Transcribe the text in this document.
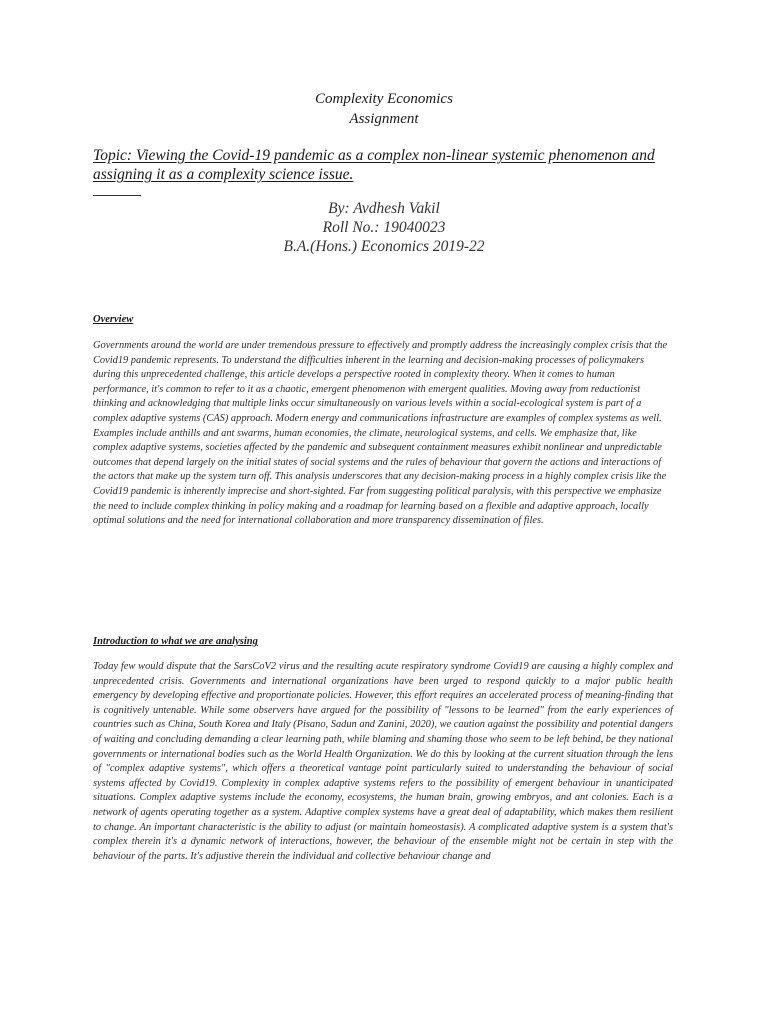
Complexity Economics
Assignment
Topic: Viewing the Covid-19 pandemic as a complex non-linear systemic phenomenon and assigning it as a complexity science issue.
By: Avdhesh Vakil
Roll No.: 19040023
B.A.(Hons.) Economics 2019-22
Overview

Governments around the world are under tremendous pressure to effectively and promptly address the increasingly complex crisis that the Covid19 pandemic represents. To understand the difficulties inherent in the learning and decision-making processes of policymakers during this unprecedented challenge, this article develops a perspective rooted in complexity theory. When it comes to human performance, it's common to refer to it as a chaotic, emergent phenomenon with emergent qualities. Moving away from reductionist thinking and acknowledging that multiple links occur simultaneously on various levels within a social-ecological system is part of a complex adaptive systems (CAS) approach. Modern energy and communications infrastructure are examples of complex systems as well. Examples include anthills and ant swarms, human economies, the climate, neurological systems, and cells. We emphasize that, like complex adaptive systems, societies affected by the pandemic and subsequent containment measures exhibit nonlinear and unpredictable outcomes that depend largely on the initial states of social systems and the rules of behaviour that govern the actions and interactions of the actors that make up the system turn off. This analysis underscores that any decision-making process in a highly complex crisis like the Covid19 pandemic is inherently imprecise and short-sighted. Far from suggesting political paralysis, with this perspective we emphasize the need to include complex thinking in policy making and a roadmap for learning based on a flexible and adaptive approach, locally optimal solutions and the need for international collaboration and more transparency dissemination of files.

Introduction to what we are analysing

Today few would dispute that the SarsCoV2 virus and the resulting acute respiratory syndrome Covid19 are causing a highly complex and unprecedented crisis. Governments and international organizations have been urged to respond quickly to a major public health emergency by developing effective and proportionate policies. However, this effort requires an accelerated process of meaning-finding that is cognitively untenable. While some observers have argued for the possibility of "lessons to be learned" from the early experiences of countries such as China, South Korea and Italy (Pisano, Sadun and Zanini, 2020), we caution against the possibility and potential dangers of waiting and concluding demanding a clear learning path, while blaming and shaming those who seem to be left behind, be they national governments or international bodies such as the World Health Organization. We do this by looking at the current situation through the lens of "complex adaptive systems", which offers a theoretical vantage point particularly suited to understanding the behaviour of social systems affected by Covid19. Complexity in complex adaptive systems refers to the possibility of emergent behaviour in unanticipated situations. Complex adaptive systems include the economy, ecosystems, the human brain, growing embryos, and ant colonies. Each is a network of agents operating together as a system. Adaptive complex systems have a great deal of adaptability, which makes them resilient to change. An important characteristic is the ability to adjust (or maintain homeostasis). A complicated adaptive system is a system that's complex therein it's a dynamic network of interactions, however, the behaviour of the ensemble might not be certain in step with the behaviour of the parts. It's adjustive therein the individual and collective behaviour change and
